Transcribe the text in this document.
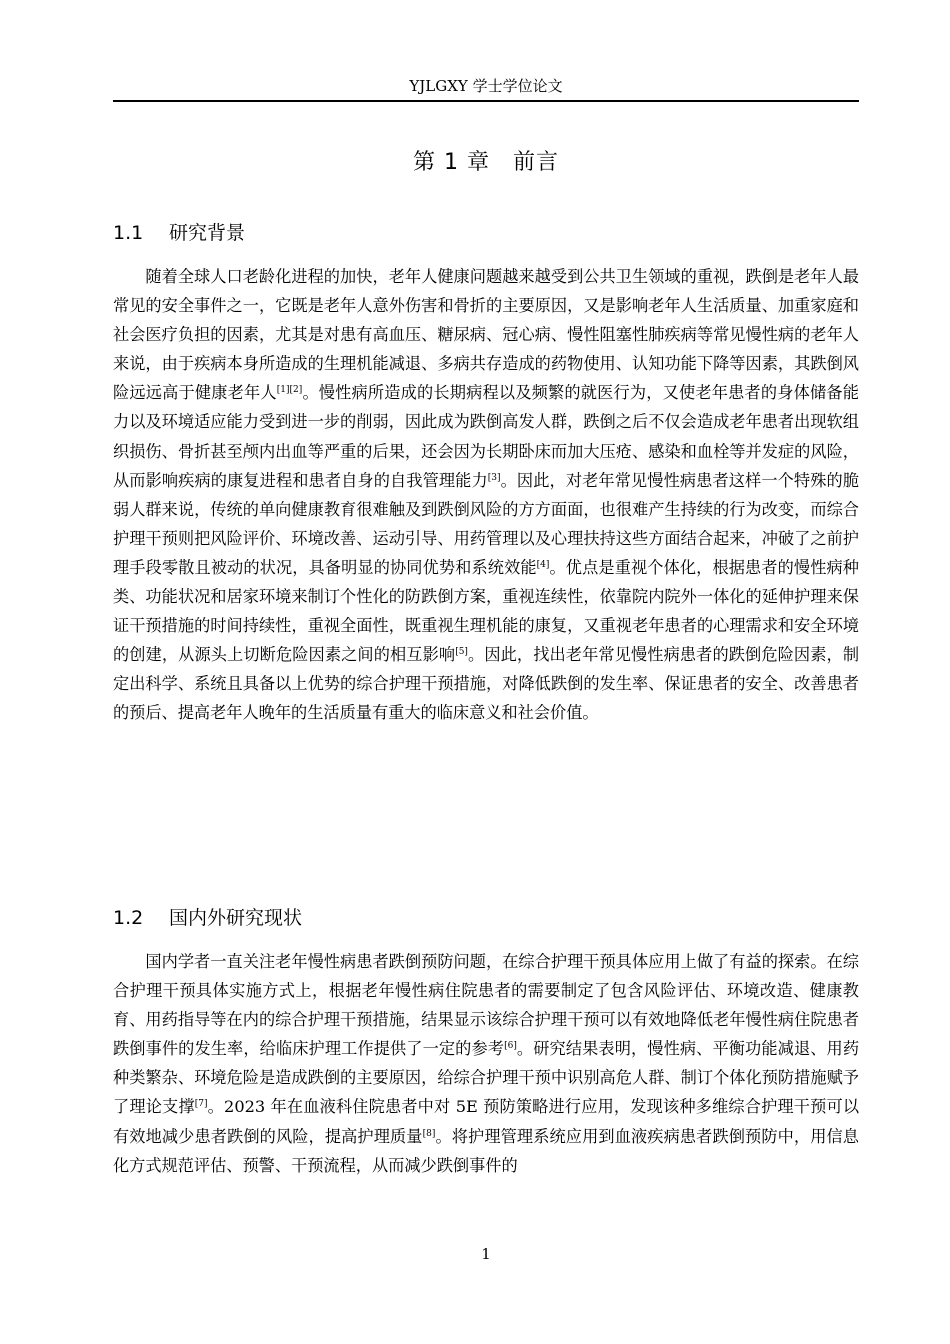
YJLGXY 学士学位论文
第 1 章　前言
1.1 研究背景

随着全球人口老龄化进程的加快，老年人健康问题越来越受到公共卫生领域的重视，跌倒是老年人最常见的安全事件之一，它既是老年人意外伤害和骨折的主要原因，又是影响老年人生活质量、加重家庭和社会医疗负担的因素，尤其是对患有高血压、糖尿病、冠心病、慢性阻塞性肺疾病等常见慢性病的老年人来说，由于疾病本身所造成的生理机能减退、多病共存造成的药物使用、认知功能下降等因素，其跌倒风险远远高于健康老年人[1][2]。慢性病所造成的长期病程以及频繁的就医行为，又使老年患者的身体储备能力以及环境适应能力受到进一步的削弱，因此成为跌倒高发人群，跌倒之后不仅会造成老年患者出现软组织损伤、骨折甚至颅内出血等严重的后果，还会因为长期卧床而加大压疮、感染和血栓等并发症的风险，从而影响疾病的康复进程和患者自身的自我管理能力[3]。因此，对老年常见慢性病患者这样一个特殊的脆弱人群来说，传统的单向健康教育很难触及到跌倒风险的方方面面，也很难产生持续的行为改变，而综合护理干预则把风险评价、环境改善、运动引导、用药管理以及心理扶持这些方面结合起来，冲破了之前护理手段零散且被动的状况，具备明显的协同优势和系统效能[4]。优点是重视个体化，根据患者的慢性病种类、功能状况和居家环境来制订个性化的防跌倒方案，重视连续性，依靠院内院外一体化的延伸护理来保证干预措施的时间持续性，重视全面性，既重视生理机能的康复，又重视老年患者的心理需求和安全环境的创建，从源头上切断危险因素之间的相互影响[5]。因此，找出老年常见慢性病患者的跌倒危险因素，制定出科学、系统且具备以上优势的综合护理干预措施，对降低跌倒的发生率、保证患者的安全、改善患者的预后、提高老年人晚年的生活质量有重大的临床意义和社会价值。

1.2 国内外研究现状

国内学者一直关注老年慢性病患者跌倒预防问题，在综合护理干预具体应用上做了有益的探索。在综合护理干预具体实施方式上，根据老年慢性病住院患者的需要制定了包含风险评估、环境改造、健康教育、用药指导等在内的综合护理干预措施，结果显示该综合护理干预可以有效地降低老年慢性病住院患者跌倒事件的发生率，给临床护理工作提供了一定的参考[6]。研究结果表明，慢性病、平衡功能减退、用药种类繁杂、环境危险是造成跌倒的主要原因，给综合护理干预中识别高危人群、制订个体化预防措施赋予了理论支撑[7]。2023 年在血液科住院患者中对 5E 预防策略进行应用，发现该种多维综合护理干预可以有效地减少患者跌倒的风险，提高护理质量[8]。将护理管理系统应用到血液疾病患者跌倒预防中，用信息化方式规范评估、预警、干预流程，从而减少跌倒事件的

1
